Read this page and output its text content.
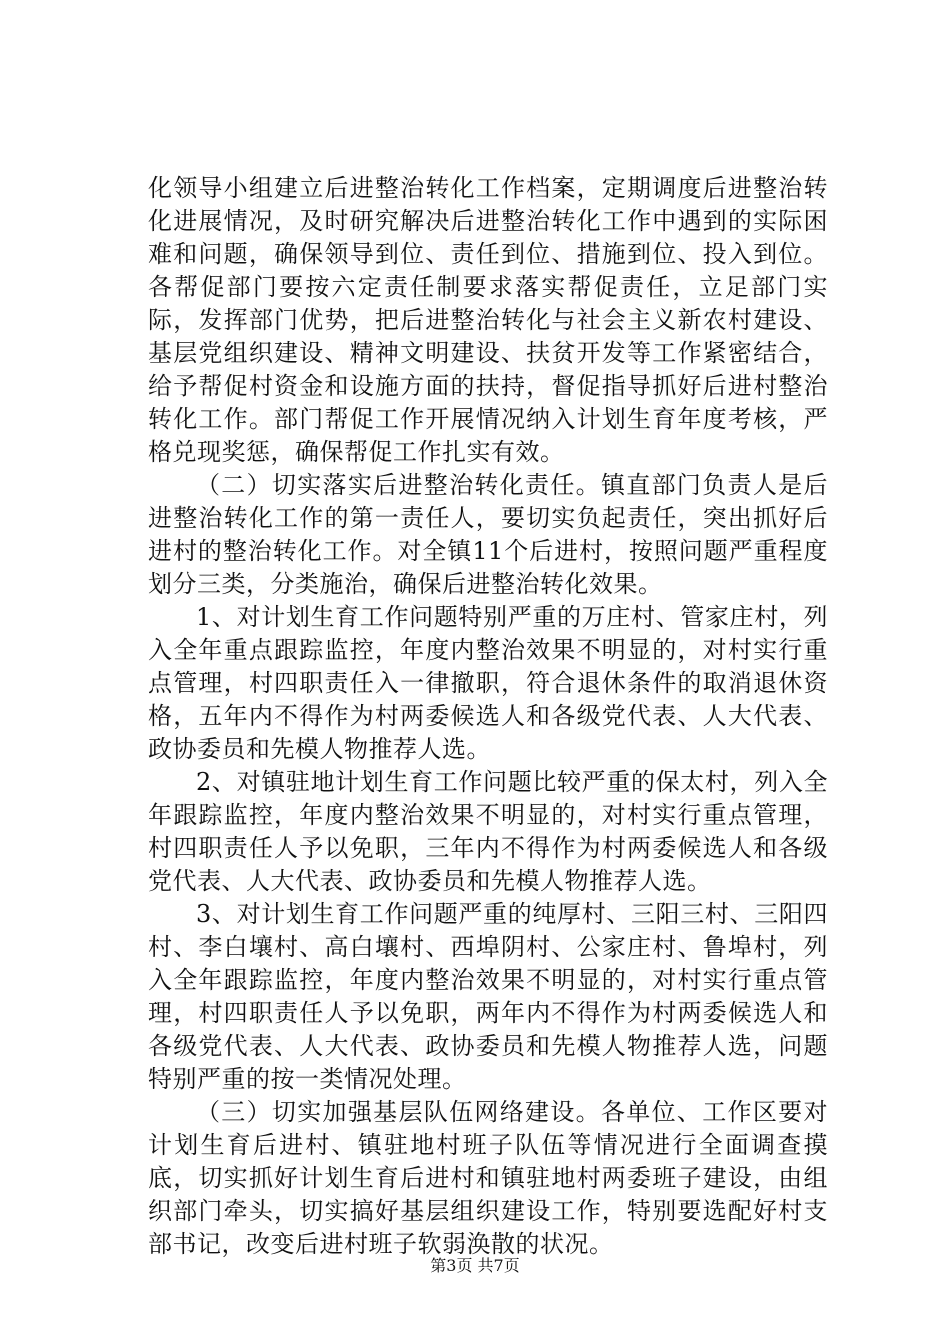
化领导小组建立后进整治转化工作档案，定期调度后进整治转化进展情况，及时研究解决后进整治转化工作中遇到的实际困难和问题，确保领导到位、责任到位、措施到位、投入到位。各帮促部门要按六定责任制要求落实帮促责任，立足部门实际，发挥部门优势，把后进整治转化与社会主义新农村建设、基层党组织建设、精神文明建设、扶贫开发等工作紧密结合，给予帮促村资金和设施方面的扶持，督促指导抓好后进村整治转化工作。部门帮促工作开展情况纳入计划生育年度考核，严格兑现奖惩，确保帮促工作扎实有效。

（二）切实落实后进整治转化责任。镇直部门负责人是后进整治转化工作的第一责任人，要切实负起责任，突出抓好后进村的整治转化工作。对全镇11个后进村，按照问题严重程度划分三类，分类施治，确保后进整治转化效果。

1、对计划生育工作问题特别严重的万庄村、管家庄村，列入全年重点跟踪监控，年度内整治效果不明显的，对村实行重点管理，村四职责任入一律撤职，符合退休条件的取消退休资格，五年内不得作为村两委候选人和各级党代表、人大代表、政协委员和先模人物推荐人选。

2、对镇驻地计划生育工作问题比较严重的保太村，列入全年跟踪监控，年度内整治效果不明显的，对村实行重点管理，村四职责任人予以免职，三年内不得作为村两委候选人和各级党代表、人大代表、政协委员和先模人物推荐人选。

3、对计划生育工作问题严重的纯厚村、三阳三村、三阳四村、李白壤村、高白壤村、西埠阴村、公家庄村、鲁埠村，列入全年跟踪监控，年度内整治效果不明显的，对村实行重点管理，村四职责任人予以免职，两年内不得作为村两委候选人和各级党代表、人大代表、政协委员和先模人物推荐人选，问题特别严重的按一类情况处理。

（三）切实加强基层队伍网络建设。各单位、工作区要对计划生育后进村、镇驻地村班子队伍等情况进行全面调查摸底，切实抓好计划生育后进村和镇驻地村两委班子建设，由组织部门牵头，切实搞好基层组织建设工作，特别要选配好村支部书记，改变后进村班子软弱涣散的状况。

第3页 共7页
